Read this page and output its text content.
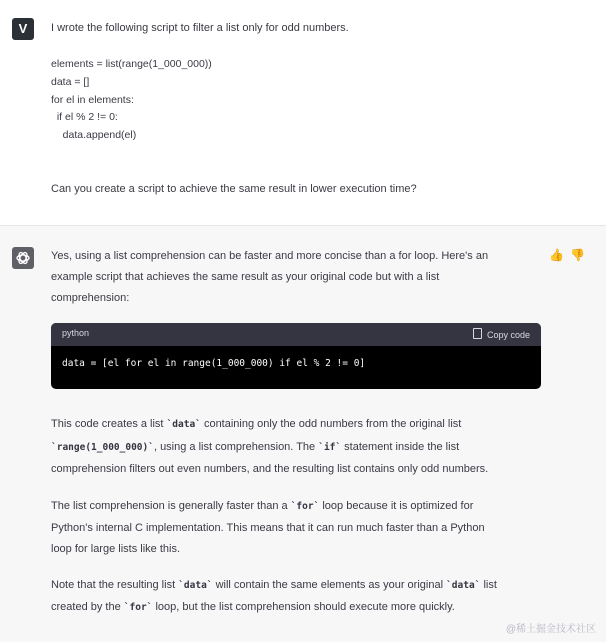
V	I wrote the following script to filter a list only for odd numbers.
elements = list(range(1_000_000))
data = []
for el in elements:
if el % 2 != 0:
data.append(el)
Can you create a script to achieve the same result in lower execution time?
Yes, using a list comprehension can be faster and more concise than a for loop. Here's an
example script that achieves the same result as your original code but with a list
comprehension:
👍 👎
python	Copy code
data = [el for el in range(1_000_000) if el % 2 != 0]
This code creates a list `data` containing only the odd numbers from the original list
`range(1_000_000)`, using a list comprehension. The `if` statement inside the list
comprehension filters out even numbers, and the resulting list contains only odd numbers.
The list comprehension is generally faster than a `for` loop because it is optimized for
Python's internal C implementation. This means that it can run much faster than a Python
loop for large lists like this.
Note that the resulting list `data` will contain the same elements as your original `data` list
created by the `for` loop, but the list comprehension should execute more quickly.
@稀土掘金技术社区
